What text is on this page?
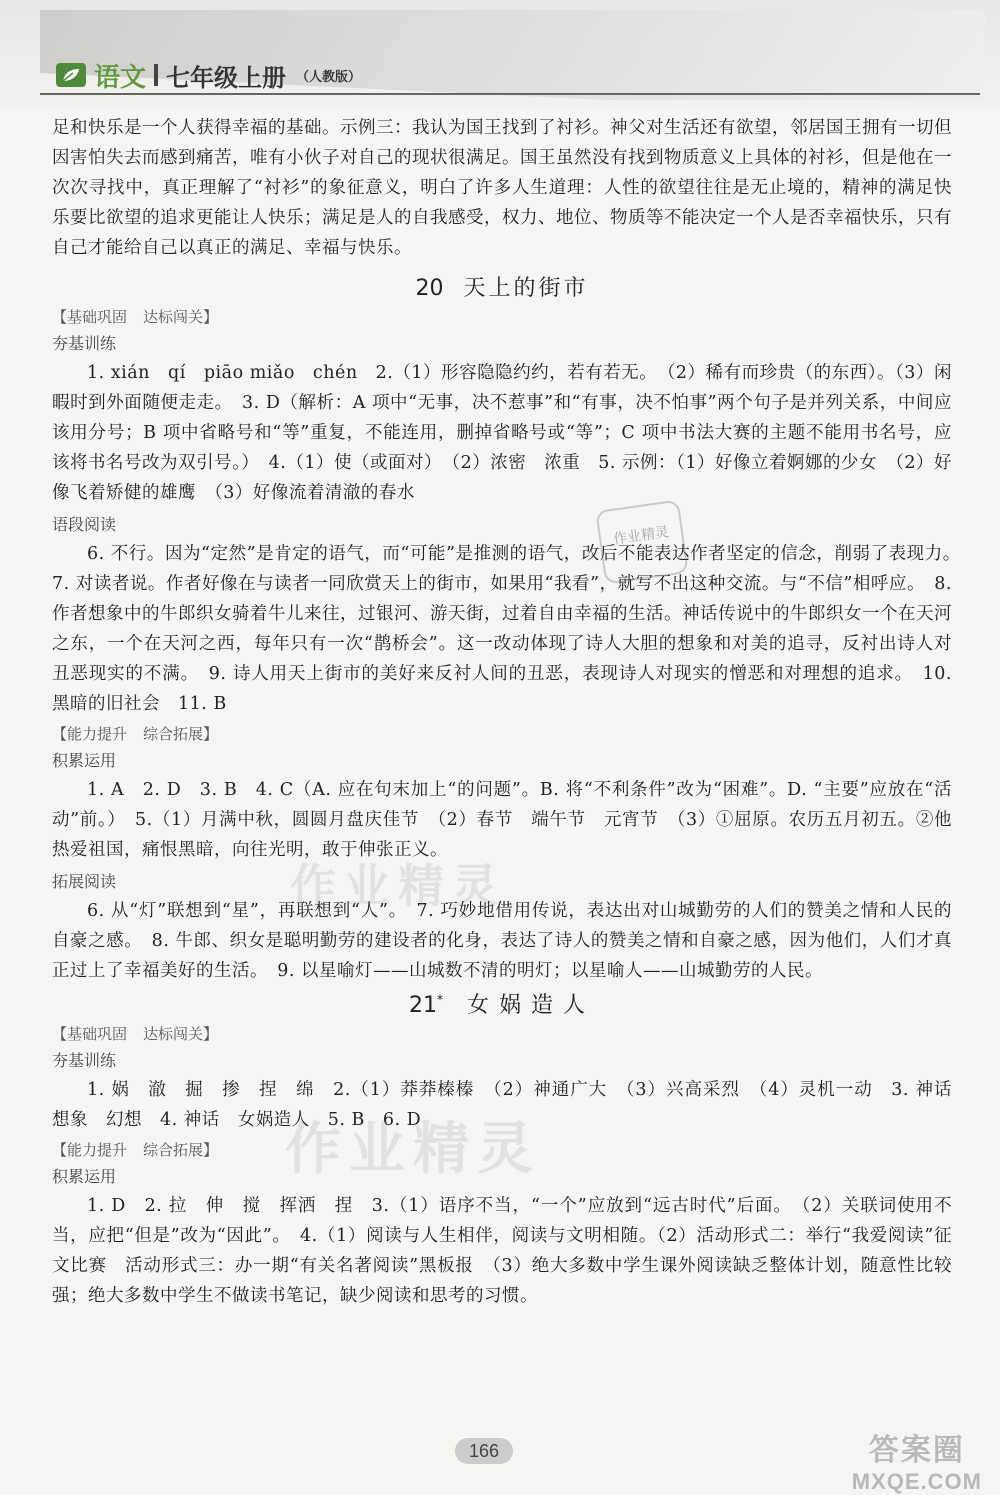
语文 七年级上册 （人教版）

足和快乐是一个人获得幸福的基础。示例三：我认为国王找到了衬衫。神父对生活还有欲望，邻居国王拥有一切但因害怕失去而感到痛苦，唯有小伙子对自己的现状很满足。国王虽然没有找到物质意义上具体的衬衫，但是他在一次次寻找中，真正理解了“衬衫”的象征意义，明白了许多人生道理：人性的欲望往往是无止境的，精神的满足快乐要比欲望的追求更能让人快乐；满足是人的自我感受，权力、地位、物质等不能决定一个人是否幸福快乐，只有自己才能给自己以真正的满足、幸福与快乐。

20 天上的街市
【基础巩固 达标闯关】
夯基训练

1. xián　qí　piāo miǎo　chén　2.（1）形容隐隐约约，若有若无。　（2）稀有而珍贵（的东西）。（3）闲暇时到外面随便走走。　3. D（解析：A 项中“无事，决不惹事”和“有事，决不怕事”两个句子是并列关系，中间应该用分号；B 项中省略号和“等”重复，不能连用，删掉省略号或“等”；C 项中书法大赛的主题不能用书名号，应该将书名号改为双引号。）　4.（1）使（或面对）　（2）浓密　浓重　5. 示例：（1）好像立着婀娜的少女　（2）好像飞着矫健的雄鹰　（3）好像流着清澈的春水

语段阅读

6. 不行。因为“定然”是肯定的语气，而“可能”是推测的语气，改后不能表达作者坚定的信念，削弱了表现力。　7. 对读者说。作者好像在与读者一同欣赏天上的街市，如果用“我看”，就写不出这种交流。与“不信”相呼应。　8. 作者想象中的牛郎织女骑着牛儿来往，过银河、游天街，过着自由幸福的生活。神话传说中的牛郎织女一个在天河之东，一个在天河之西，每年只有一次“鹊桥会”。这一改动体现了诗人大胆的想象和对美的追寻，反衬出诗人对丑恶现实的不满。　9. 诗人用天上街市的美好来反衬人间的丑恶，表现诗人对现实的憎恶和对理想的追求。　10. 黑暗的旧社会　11. B

【能力提升 综合拓展】
积累运用

1. A　2. D　3. B　4. C（A. 应在句末加上“的问题”。B. 将“不利条件”改为“困难”。D. “主要”应放在“活动”前。）　5.（1）月满中秋，圆圆月盘庆佳节　（2）春节　端午节　元宵节　（3）①屈原。农历五月初五。②他热爱祖国，痛恨黑暗，向往光明，敢于伸张正义。

拓展阅读

6. 从“灯”联想到“星”，再联想到“人”。　7. 巧妙地借用传说，表达出对山城勤劳的人们的赞美之情和人民的自豪之感。　8. 牛郎、织女是聪明勤劳的建设者的化身，表达了诗人的赞美之情和自豪之感，因为他们，人们才真正过上了幸福美好的生活。　9. 以星喻灯——山城数不清的明灯；以星喻人——山城勤劳的人民。

21* 女娲造人
【基础巩固 达标闯关】
夯基训练

1. 娲　澈　掘　掺　捏　绵　2.（1）莽莽榛榛　（2）神通广大　（3）兴高采烈　（4）灵机一动　3. 神话　想象　幻想　4. 神话　女娲造人　5. B　6. D

【能力提升 综合拓展】
积累运用

1. D　2. 拉　伸　搅　挥洒　捏　3.（1）语序不当，“一个”应放到“远古时代”后面。　（2）关联词使用不当，应把“但是”改为“因此”。　4.（1）阅读与人生相伴，阅读与文明相随。（2）活动形式二：举行“我爱阅读”征文比赛　活动形式三：办一期“有关名著阅读”黑板报　（3）绝大多数中学生课外阅读缺乏整体计划，随意性比较强；绝大多数中学生不做读书笔记，缺少阅读和思考的习惯。

作业精灵
作业精灵
作业精灵
166	答案圈
MXQE.COM
